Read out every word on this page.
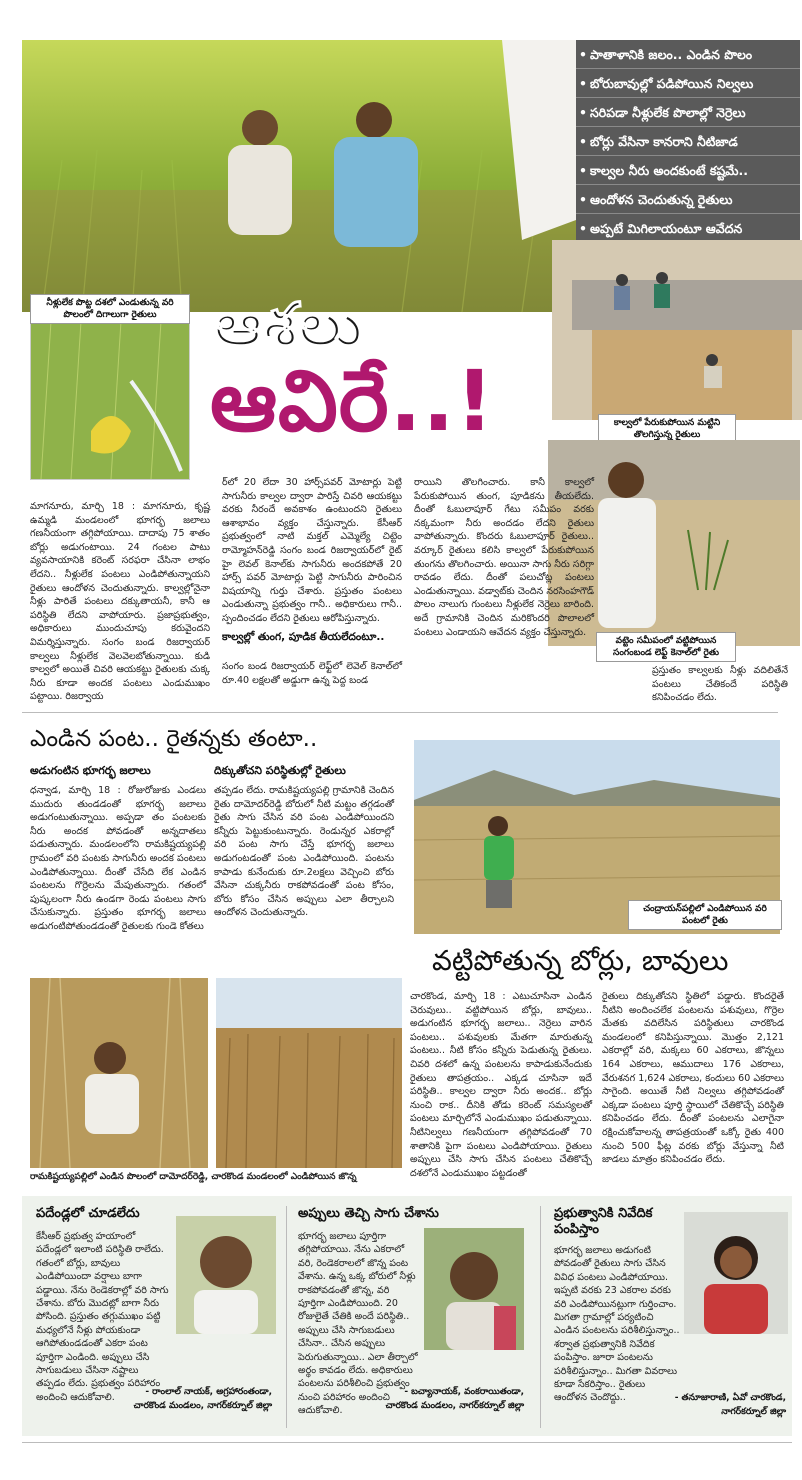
• పాతాళానికి జలం.. ఎండిన పొలం
• బోరుబావుల్లో పడిపోయిన నిల్వలు
• సరిపడా నీళ్లులేక పొలాల్లో నెర్రెలు
• బోర్లు వేసినా కానరాని నీటిజాడ
• కాల్వల నీరు అందకుంటే కష్టమే..
• ఆందోళన చెందుతున్న రైతులు
• అప్పటే మిగిలాయంటూ ఆవేదన
నీళ్లులేక పొట్ట దశలో ఎండుతున్న వరి పొలంలో దిగాలుగా రైతులు ఆశలు
ఆవిరే..!	కాల్వలో పేరుకుపోయిన మట్టిని తొలగిస్తున్న రైతులు
వట్టెం సమీపంలో వట్టిపోయిన సంగంబండ లెఫ్ట్ కెనాల్‌లో రైతు
మాగనూరు, మార్చి 18 : మాగనూరు, కృష్ణ ఉమ్మడి మండలంలో భూగర్భ జలాలు గణనీయంగా తగ్గిపోయాయి. దాదాపు 75 శాతం బోర్లు అడుగంటాయి. 24 గంటల పాటు వ్యవసాయానికి కరెంట్ సరఫరా చేసినా లాభం లేదని.. నీళ్లులేక పంటలు ఎండిపోతున్నాయని రైతులు ఆందోళన చెందుతున్నారు. కాల్వల్లోనైనా నీళ్లు పారితే పంటలు దక్కుతాయనీ, కానీ ఆ పరిస్థితి లేదని వాపోయారు. ప్రజాప్రభుత్వం, అధికారులు ముందుచూపు కరువైందని విమర్శిస్తున్నారు. సంగం బండ రిజర్వాయర్ కాల్వలు నీళ్లులేక వెలవెలబోతున్నాయి. కుడి కాల్వలో అయితే చివరి ఆయకట్టు రైతులకు చుక్క నీరు కూడా అందక పంటలు ఎండుముఖం పట్టాయి. రిజర్వాయ
ర్‌లో 20 లేదా 30 హార్స్‌పవర్ మోటార్లు పెట్టి సాగునీరు కాల్వల ద్వారా పారిస్తే చివరి ఆయకట్టు వరకు నీరందే అవకాశం ఉంటుందని రైతులు ఆశాభావం వ్యక్తం చేస్తున్నారు. కేసీఆర్ ప్రభుత్వంలో నాటి మక్తల్ ఎమ్మెల్యే చిట్టెం రామ్మోహన్‌రెడ్డి సంగం బండ రిజర్వాయర్‌లో రైట్ హై లెవల్ కెనాల్‌కు సాగునీరు అందకపోతే 20 హార్స్ పవర్ మోటార్లు పెట్టి సాగునీరు పారించిన విషయాన్ని గుర్తు చేశారు. ప్రస్తుతం పంటలు ఎండుతున్నా ప్రభుత్వం గానీ.. అధికారులు గానీ.. స్పందించడం లేదని రైతులు ఆరోపిస్తున్నారు.
కాల్వల్లో తుంగ, పూడిక తీయలేదంటూ..
సంగం బండ రిజర్వాయర్ లెఫ్ట్‌లో లెవెల్ కెనాల్‌లో రూ.40 లక్షలతో అడ్డుగా ఉన్న పెద్ద బండ
రాయిని తొలగించారు. కానీ కాల్వలో పేరుకుపోయిన తుంగ, పూడికను తీయలేదు. దీంతో ఓబులాపూర్ గేటు సమీపం వరకు నక్కమంగా నీరు అందడం లేదని రైతులు వాపోతున్నారు. కొందరు ఓబులాపూర్ రైతులు.. వర్కూర్ రైతులు కలిసి కాల్వలో పేరుకుపోయిన తుంగను తొలగించారు. అయినా సాగు నీరు సరిగ్గా రావడం లేదు. దీంతో పలుచోట్ల పంటలు ఎండుతున్నాయి. వడ్వాట్‌కు చెందిన నరసింహగౌడ్ పొలం నాలుగు గుంటలు నీళ్లులేక నెర్రెలు బారింది. అదే గ్రామానికి చెందిన మరికొందరి పొలాలలో పంటలు ఎండాయని ఆవేదన వ్యక్తం చేస్తున్నారు.
ప్రస్తుతం కాల్వలకు నీళ్లు వదిలితేనే పంటలు చేతికందే పరిస్థితి కనిపించడం లేదు.
ఎండిన పంట.. రైతన్నకు తంటా..
అడుగంటిన భూగర్భ జలాలు	దిక్కుతోచని పరిస్థితుల్లో రైతులు
ధన్వాడ, మార్చి 18 : రోజురోజుకు ఎండలు ముదురు తుండడంతో భూగర్భ జలాలు అడుగంటుతున్నాయి. అప్పడా తం పంటలకు నీరు అందక పోవడంతో అన్నదాతలు పడుతున్నారు. మండలంలోని రామకిష్టయ్యపల్లి గ్రామంలో వరి పంటకు సాగునీరు అందక పంటలు ఎండిపోతున్నాయి. దీంతో చేసేది లేక ఎండిన పంటలను గొర్రెలను మేపుతున్నారు. గతంలో పుష్కలంగా నీరు ఉండగా రెండు పంటలు సాగు చేసుకున్నారు. ప్రస్తుతం భూగర్భ జలాలు అడుగంటిపోతుండడంతో రైతులకు గుండె కోతలు
తప్పడం లేదు. రామకిష్టయ్యపల్లి గ్రామానికి చెందిన రైతు దామోదర్‌రెడ్డి బోరులో నీటి మట్టం తగ్గడంతో రైతు సాగు చేసిన వరి పంట ఎండిపోయిందని కన్నీరు పెట్టుకుంటున్నారు. రెండున్నర ఎకరాల్లో వరి పంట సాగు చేస్తే భూగర్భ జలాలు అడుగంటడంతో పంట ఎండిపోయింది. పంటను కాపాడు కునేందుకు రూ.2లక్షలు వెచ్చించి బోరు వేసినా చుక్కనీరు రాకపోవడంతో పంట కోసం, బోరు కోసం చేసిన అప్పులు ఎలా తీర్చాలని ఆందోళన చెందుతున్నారు.	చంద్రాయన్‌పల్లిలో ఎండిపోయిన వరి పంటలో రైతు
వట్టిపోతున్న బోర్లు, బావులు
రామకిష్టయ్యపల్లిలో ఎండిన పొలంలో దామోదర్‌రెడ్డి, చారకొండ మండలంలో ఎండిపోయిన జొన్న
చారకొండ, మార్చి 18 : ఎటుచూసినా ఎండిన చెరువులు.. వట్టిపోయిన బోర్లు, బావులు.. అడుగంటిన భూగర్భ జలాలు.. నెర్రెలు వారిన పంటలు.. పశువులకు మేతగా మారుతున్న పంటలు.. నీటి కోసం కన్నీరు పెడుతున్న రైతులు. చివరి దశలో ఉన్న పంటలను కాపాడుకునేందుకు రైతులు తాపత్రయం.. ఎక్కడ చూసినా ఇదే పరిస్థితి.. కాల్వల ద్వారా నీరు అందక.. బోర్లు నుంచి రాక.. దీనికి తోడు కరెంట్ సమస్యలతో పంటలు మార్చిలోనే ఎండుముఖం పడుతున్నాయి. నీటినిల్వలు గణనీయంగా తగ్గిపోవడంతో 70 శాతానికి పైగా పంటలు ఎండిపోయాయి. రైతులు అప్పులు చేసి సాగు చేసిన పంటలు చేతికొచ్చే దశలోనే ఎండుముఖం పట్టడంతో
రైతులు దిక్కుతోచని స్థితిలో పడ్డారు. కొందరైతే నీటిని అందించలేక పంటలను పశువులు, గొర్రెల మేతకు వదిలేసిన పరిస్థితులు చారకొండ మండలంలో కనిపిస్తున్నాయి. మొత్తం 2,121 ఎకరాల్లో వరి, మక్కలు 60 ఎకరాలు, జొన్నలు 164 ఎకరాలు, ఆముదాలు 176 ఎకరాలు, వేరుశనగ 1,624 ఎకరాలు, కందులు 60 ఎకరాలు సాగైంది. అయితే నీటి నిల్వలు తగ్గిపోవడంతో ఎక్కడా పంటలు పూర్తి స్థాయిలో చేతికొచ్చే పరిస్థితి కనిపించడం లేదు. దీంతో పంటలను ఎలాగైనా రక్షించుకోవాలన్న తాపత్రయంతో ఒక్కో రైతు 400 నుంచి 500 ఫీట్ల వరకు బోర్లు వేస్తున్నా నీటి జాడలు మాత్రం కనిపించడం లేదు.
పదేండ్లలో చూడలేదు
కేసీఆర్ ప్రభుత్వ హయాంలో పదేండ్లలో ఇలాంటి పరిస్థితి రాలేదు. గతంలో బోర్లు, బావులు ఎండిపోయిందా వర్షాలు బాగా పడ్డాయి. నేను రెండెకరాల్లో వరి సాగు చేశాను. బోరు మొదట్లో బాగా నీరు పోసింది. ప్రస్తుతం తగ్గుముఖం పట్టి మధ్యలోనే నీళ్లు పోయకుండా ఆగిపోతుండడంతో ఎకరా పంట పూర్తిగా ఎండింది. అప్పులు చేసి సాగుబడులు చేసినా నష్టాలు తప్పడం లేదు. ప్రభుత్వం పరిహారం అందించి ఆదుకోవాలి.	- రాంలాల్ నాయక్, అగ్రహారంతండా,
చారకొండ మండలం, నాగర్‌కర్నూల్ జిల్లా
అప్పులు తెచ్చి సాగు చేశాను
భూగర్భ జలాలు పూర్తిగా తగ్గిపోయాయి. నేను ఎకరాలో వరి, రెండెకరాలలో జొన్న పంట వేశాను. ఉన్న ఒక్క బోరులో నీళ్లు రాకపోవడంతో జొన్న, వరి పూర్తిగా ఎండిపోయింది. 20 రోజులైతే చేతికి అందే పరిస్థితి.. అప్పులు చేసి సాగుబడులు చేసినా.. చేసిన అప్పులు పెరుగుతున్నాయి.. ఎలా తీర్చాలో అర్థం కావడం లేదు. అధికారులు పంటలను పరిశీలించి ప్రభుత్వం నుంచి పరిహారం అందించి ఆదుకోవాలి.
- బచ్యానాయక్, వంకరాయితండా,
చారకొండ మండలం, నాగర్‌కర్నూల్ జిల్లా
ప్రభుత్వానికి నివేదిక పంపిస్తాం
భూగర్భ జలాలు అడుగంటి పోవడంతో రైతులు సాగు చేసిన వివిధ పంటలు ఎండిపోయాయి. ఇప్పటి వరకు 23 ఎకరాల వరకు వరి ఎండిపోయినట్లుగా గుర్తించాం. మిగతా గ్రామాల్లో పర్యటించి ఎండిన పంటలను పరిశీలిస్తున్నాం.. శర్వాత ప్రభుత్వానికి నివేదిక పంపిస్తాం. జూరా పంటలను పరిశీలిస్తున్నాం.. మిగతా వివరాలు కూడా సేకరిస్తాం.. రైతులు ఆందోళన చెందొద్దు..	- తనూజారాణి, ఏవో చారకొండ,
నాగర్‌కర్నూల్ జిల్లా
